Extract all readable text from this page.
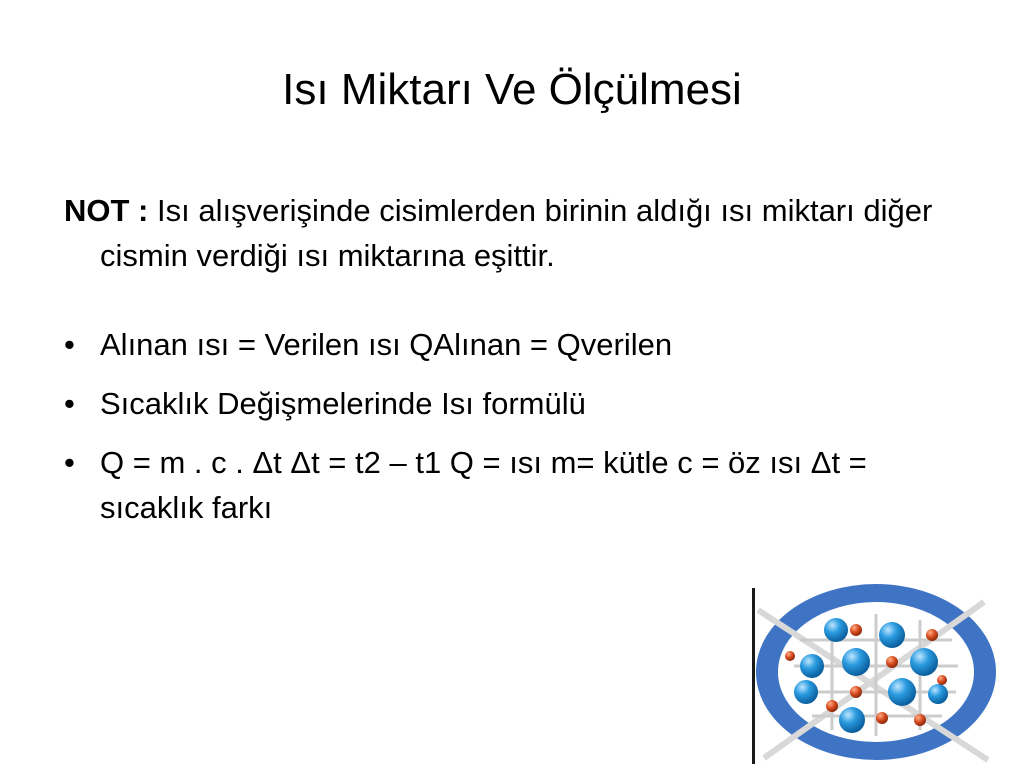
Isı Miktarı Ve Ölçülmesi

NOT : Isı alışverişinde cisimlerden birinin aldığı ısı miktarı diğer cismin verdiği ısı miktarına eşittir.

• Alınan ısı = Verilen ısı QAlınan = Qverilen
• Sıcaklık Değişmelerinde Isı formülü
• Q = m . c . Δt Δt = t2 – t1 Q = ısı m= kütle c = öz ısı Δt = sıcaklık farkı
